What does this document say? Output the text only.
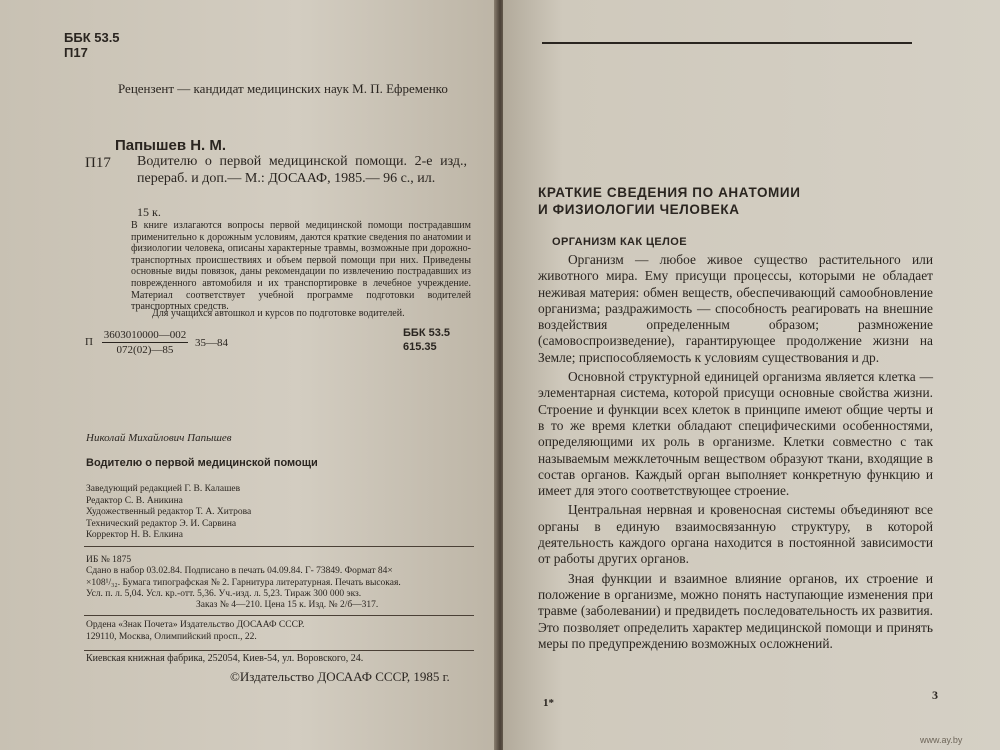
ББК 53.5
П17
Рецензент — кандидат медицинских наук М. П. Ефременко
Папышев Н. М.
П17 Водителю о первой медицинской помощи. 2-е изд., перераб. и доп.— М.: ДОСААФ, 1985.— 96 с., ил.
15 к.
В книге излагаются вопросы первой медицинской помощи пострадавшим применительно к дорожным условиям, даются краткие сведения по анатомии и физиологии человека, описаны характерные травмы, возможные при дорожно-транспортных происшествиях и объем первой помощи при них. Приведены основные виды повязок, даны рекомендации по извлечению пострадавших из поврежденного автомобиля и их транспортировке в лечебное учреждение. Материал соответствует учебной программе подготовки водителей транспортных средств.
Для учащихся автошкол и курсов по подготовке водителей.
П $\frac{3603010000—002}{072(02)—85}$ 35—84
ББК 53.5
615.35
Николай Михайлович Папышев
Водителю о первой медицинской помощи
Заведующий редакцией Г. В. Калашев
Редактор С. В. Аникина
Художественный редактор Т. А. Хитрова
Технический редактор Э. И. Сарвина
Корректор Н. В. Елкина
ИБ № 1875
Сдано в набор 03.02.84. Подписано в печать 04.09.84. Г- 73849. Формат 84×
×108¹/₃₂. Бумага типографская № 2. Гарнитура литературная. Печать высокая.
Усл. п. л. 5,04. Усл. кр.-отт. 5,36. Уч.-изд. л. 5,23. Тираж 300 000 экз.
Заказ № 4—210. Цена 15 к. Изд. № 2/б—317.
Ордена «Знак Почета» Издательство ДОСААФ СССР.
129110, Москва, Олимпийский просп., 22.
Киевская книжная фабрика, 252054, Киев-54, ул. Воровского, 24.
©Издательство ДОСААФ СССР, 1985 г.
КРАТКИЕ СВЕДЕНИЯ ПО АНАТОМИИ
И ФИЗИОЛОГИИ ЧЕЛОВЕКА
ОРГАНИЗМ КАК ЦЕЛОЕ

Организм — любое живое существо растительного или животного мира. Ему присущи процессы, которыми не обладает неживая материя: обмен веществ, обеспечивающий самообновление организма; раздражимость — способность реагировать на внешние воздействия определенным образом; размножение (самовоспроизведение), гарантирующее продолжение жизни на Земле; приспособляемость к условиям существования и др.

Основной структурной единицей организма является клетка — элементарная система, которой присущи основные свойства жизни. Строение и функции всех клеток в принципе имеют общие черты и в то же время клетки обладают специфическими особенностями, определяющими их роль в организме. Клетки совместно с так называемым межклеточным веществом образуют ткани, входящие в состав органов. Каждый орган выполняет конкретную функцию и имеет для этого соответствующее строение.

Центральная нервная и кровеносная системы объединяют все органы в единую взаимосвязанную структуру, в которой деятельность каждого органа находится в постоянной зависимости от работы других органов.

Зная функции и взаимное влияние органов, их строение и положение в организме, можно понять наступающие изменения при травме (заболевании) и предвидеть последовательность их развития. Это позволяет определить характер медицинской помощи и принять меры по предупреждению возможных осложнений.

1*
3
www.ay.by
